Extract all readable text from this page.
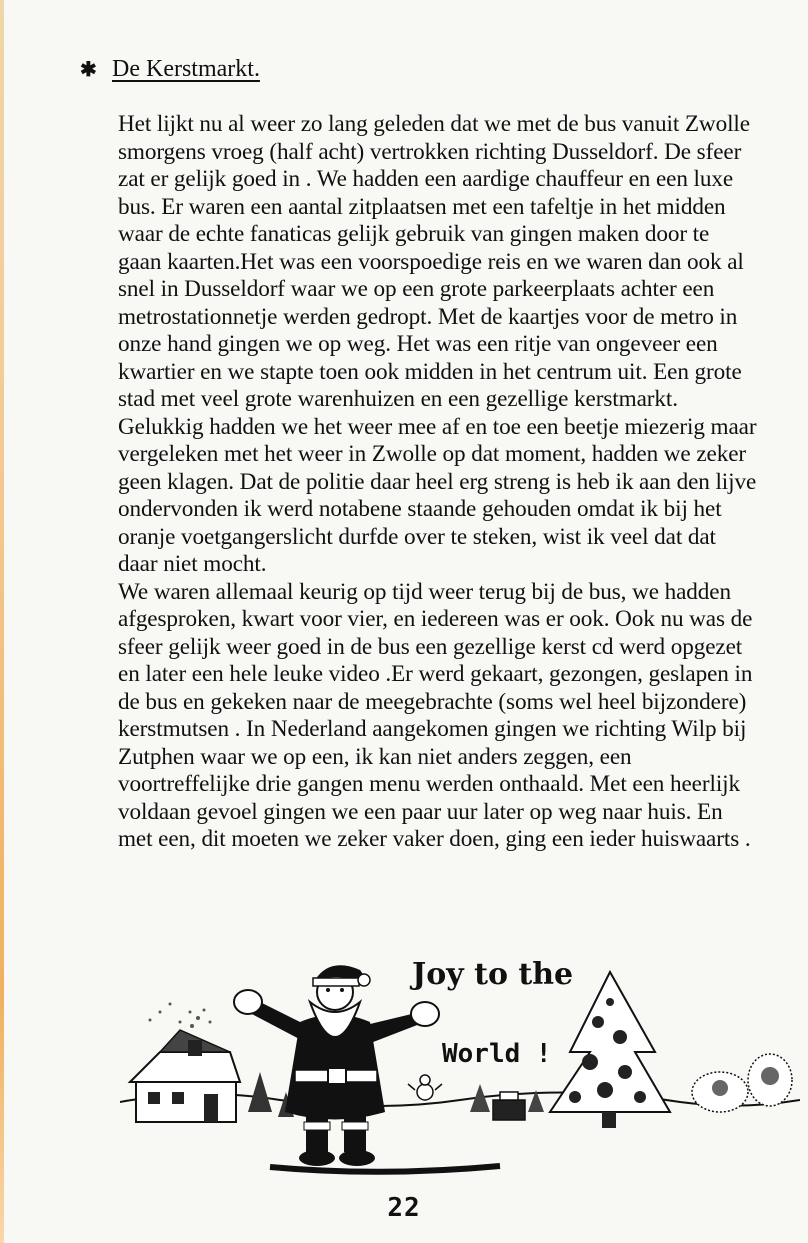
✱ De Kerstmarkt.
Het lijkt nu al weer zo lang geleden dat we met de bus vanuit Zwolle
smorgens vroeg (half acht) vertrokken richting Dusseldorf. De sfeer
zat er gelijk goed in . We hadden een aardige chauffeur en een luxe
bus. Er waren een aantal zitplaatsen met een tafeltje in het midden
waar de echte fanaticas gelijk gebruik van gingen maken door te
gaan kaarten.Het was een voorspoedige reis en we waren dan ook al
snel in Dusseldorf waar we op een grote parkeerplaats achter een
metrostationnetje werden gedropt. Met de kaartjes voor de metro in
onze hand gingen we op weg. Het was een ritje van ongeveer een
kwartier en we stapte toen ook midden in het centrum uit. Een grote
stad met veel grote warenhuizen en een gezellige kerstmarkt.
Gelukkig hadden we het weer mee af en toe een beetje miezerig maar
vergeleken met het weer in Zwolle op dat moment, hadden we zeker
geen klagen. Dat de politie daar heel erg streng is heb ik aan den lijve
ondervonden ik werd notabene staande gehouden omdat ik bij het
oranje voetgangerslicht durfde over te steken, wist ik veel dat dat
daar niet mocht.
We waren allemaal keurig op tijd weer terug bij de bus, we hadden
afgesproken, kwart voor vier, en iedereen was er ook. Ook nu was de
sfeer gelijk weer goed in de bus een gezellige kerst cd werd opgezet
en later een hele leuke video .Er werd gekaart, gezongen, geslapen in
de bus en gekeken naar de meegebrachte (soms wel heel bijzondere)
kerstmutsen . In Nederland aangekomen gingen we richting Wilp bij
Zutphen waar we op een, ik kan niet anders zeggen, een
voortreffelijke drie gangen menu werden onthaald. Met een heerlijk
voldaan gevoel gingen we een paar uur later op weg naar huis. En
met een, dit moeten we zeker vaker doen, ging een ieder huiswaarts .
Joy to the
World !
22
